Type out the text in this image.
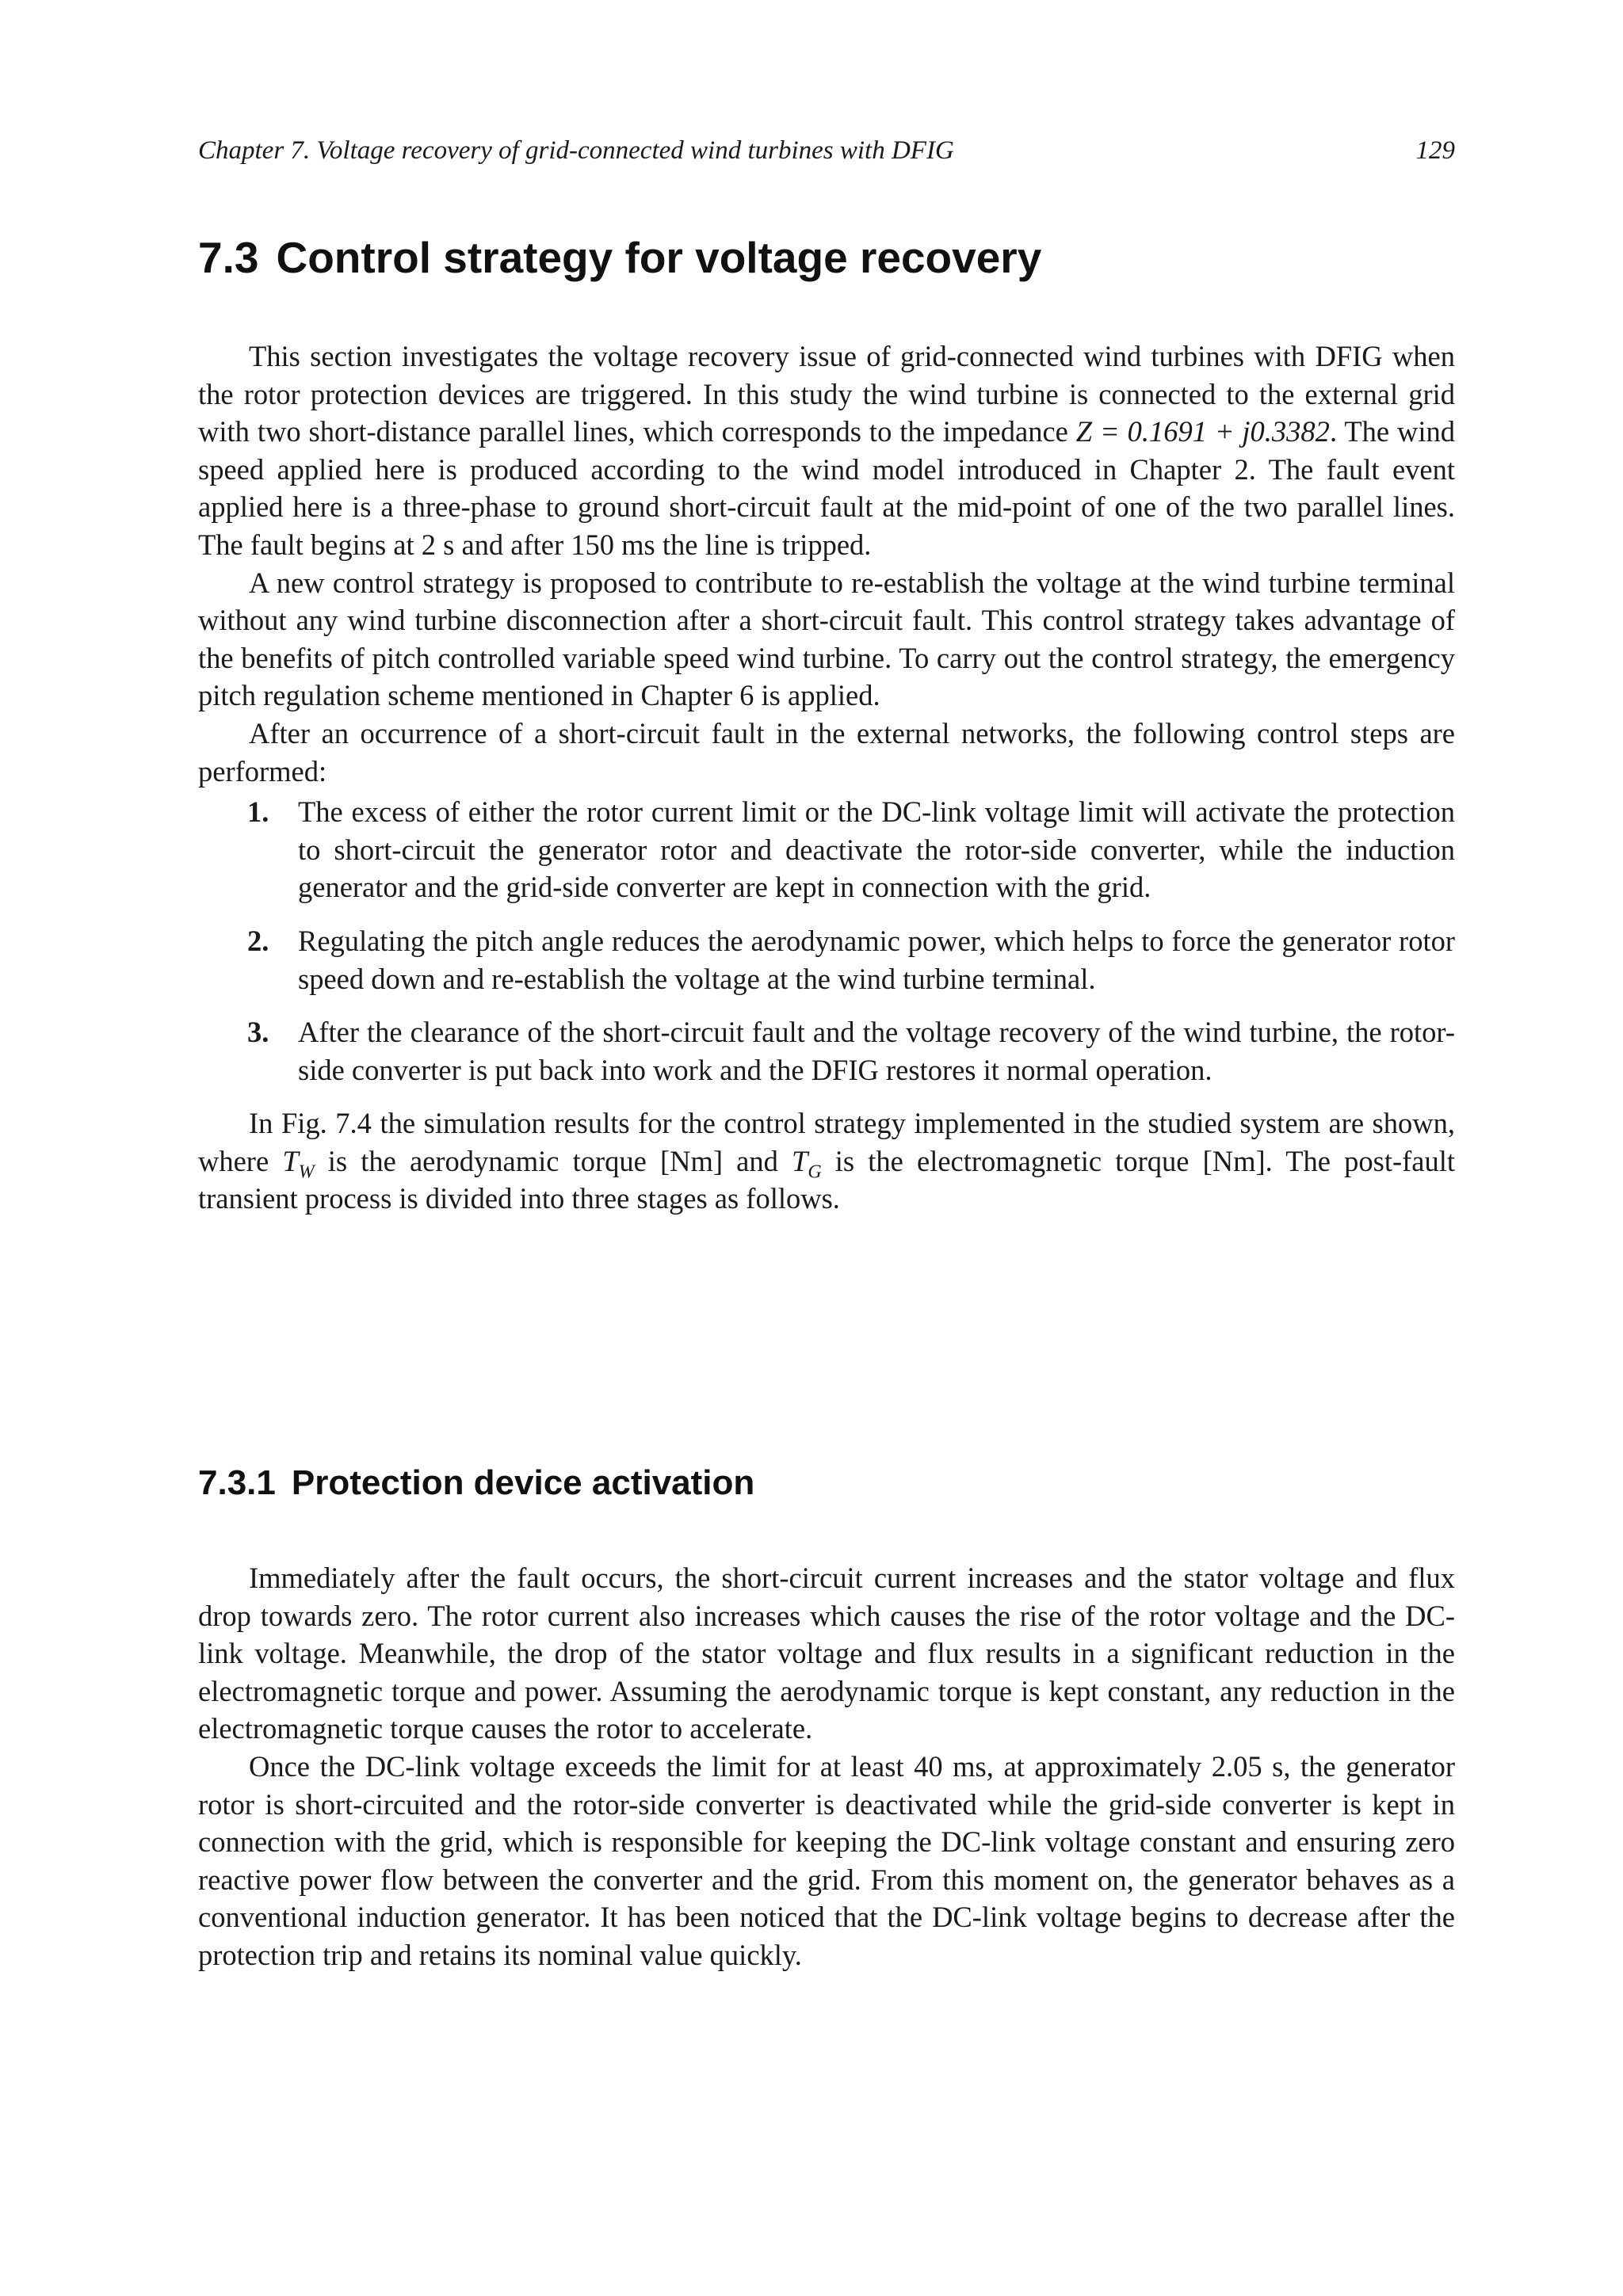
Chapter 7. Voltage recovery of grid-connected wind turbines with DFIG	129
7.3 Control strategy for voltage recovery

This section investigates the voltage recovery issue of grid-connected wind turbines with DFIG when the rotor protection devices are triggered. In this study the wind turbine is connected to the external grid with two short-distance parallel lines, which corresponds to the impedance Z = 0.1691 + j0.3382. The wind speed applied here is produced according to the wind model introduced in Chapter 2. The fault event applied here is a three-phase to ground short-circuit fault at the mid-point of one of the two parallel lines. The fault begins at 2 s and after 150 ms the line is tripped.

A new control strategy is proposed to contribute to re-establish the voltage at the wind turbine terminal without any wind turbine disconnection after a short-circuit fault. This control strategy takes advantage of the benefits of pitch controlled variable speed wind turbine. To carry out the control strategy, the emergency pitch regulation scheme mentioned in Chapter 6 is applied.

After an occurrence of a short-circuit fault in the external networks, the following control steps are performed:

1. The excess of either the rotor current limit or the DC-link voltage limit will activate the protection to short-circuit the generator rotor and deactivate the rotor-side converter, while the induction generator and the grid-side converter are kept in connection with the grid.
2. Regulating the pitch angle reduces the aerodynamic power, which helps to force the generator rotor speed down and re-establish the voltage at the wind turbine terminal.
3. After the clearance of the short-circuit fault and the voltage recovery of the wind turbine, the rotor-side converter is put back into work and the DFIG restores it normal operation.

In Fig. 7.4 the simulation results for the control strategy implemented in the studied system are shown, where $T_W$ is the aerodynamic torque [Nm] and $T_G$ is the electromagnetic torque [Nm]. The post-fault transient process is divided into three stages as follows.

7.3.1 Protection device activation

Immediately after the fault occurs, the short-circuit current increases and the stator voltage and flux drop towards zero. The rotor current also increases which causes the rise of the rotor voltage and the DC-link voltage. Meanwhile, the drop of the stator voltage and flux results in a significant reduction in the electromagnetic torque and power. Assuming the aerodynamic torque is kept constant, any reduction in the electromagnetic torque causes the rotor to accelerate.

Once the DC-link voltage exceeds the limit for at least 40 ms, at approximately 2.05 s, the generator rotor is short-circuited and the rotor-side converter is deactivated while the grid-side converter is kept in connection with the grid, which is responsible for keeping the DC-link voltage constant and ensuring zero reactive power flow between the converter and the grid. From this moment on, the generator behaves as a conventional induction generator. It has been noticed that the DC-link voltage begins to decrease after the protection trip and retains its nominal value quickly.
